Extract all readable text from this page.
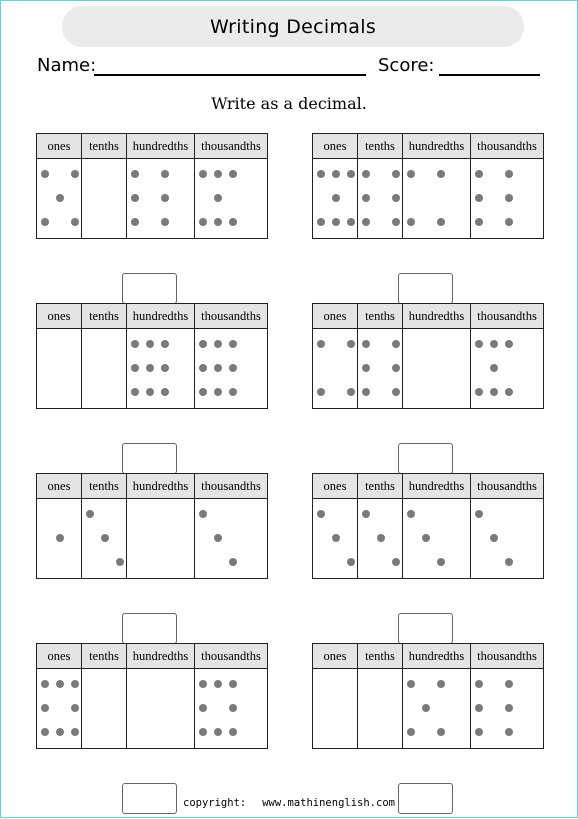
Writing Decimals
Name:	Score:
Write as a decimal.
ones	tenths	hundredths	thousandths

		ones	tenths	hundredths	thousandths

ones	tenths	hundredths	thousandths

		ones	tenths	hundredths	thousandths

ones	tenths	hundredths	thousandths

		ones	tenths	hundredths	thousandths

ones	tenths	hundredths	thousandths

		ones	tenths	hundredths	thousandths

copyright: www.mathinenglish.com
